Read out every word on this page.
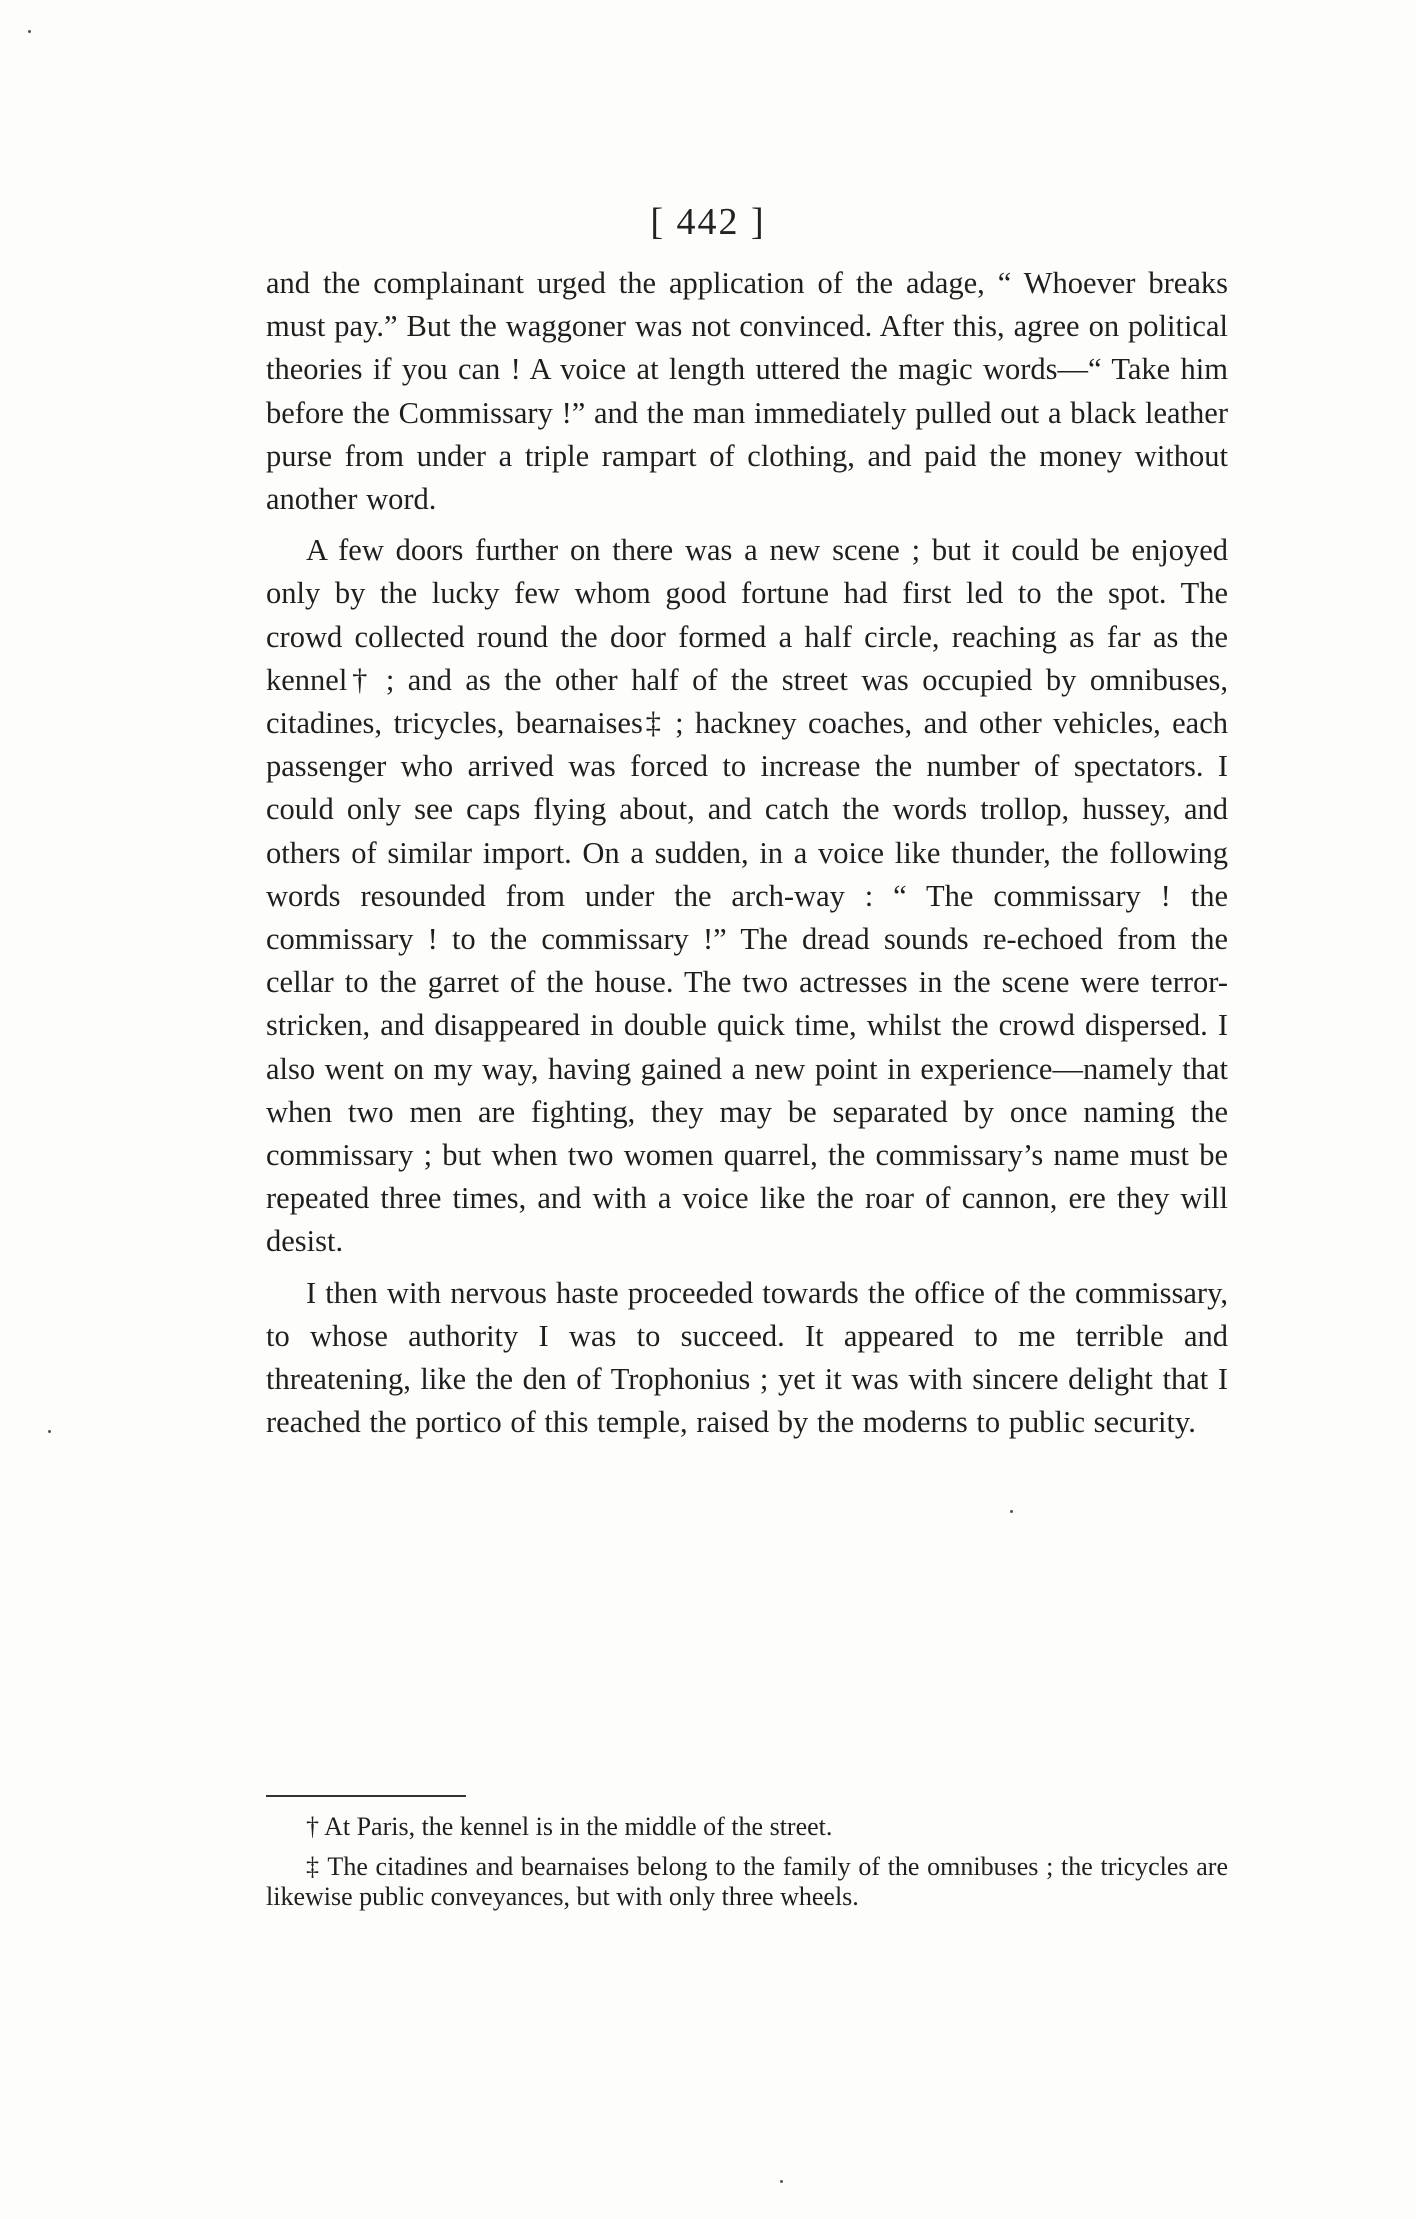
[ 442 ]

and the complainant urged the application of the adage, “ Whoever breaks must pay.” But the waggoner was not convinced. After this, agree on political theories if you can ! A voice at length uttered the magic words—“ Take him before the Commissary !” and the man immediately pulled out a black leather purse from under a triple rampart of clothing, and paid the money without another word.

A few doors further on there was a new scene ; but it could be enjoyed only by the lucky few whom good fortune had first led to the spot. The crowd collected round the door formed a half circle, reaching as far as the kennel† ; and as the other half of the street was occupied by omnibuses, citadines, tricycles, bearnaises‡ ; hackney coaches, and other vehicles, each passenger who arrived was forced to increase the number of spectators. I could only see caps flying about, and catch the words trollop, hussey, and others of similar import. On a sudden, in a voice like thunder, the following words resounded from under the arch-way : “ The commissary ! the commissary ! to the commissary !” The dread sounds re-echoed from the cellar to the garret of the house. The two actresses in the scene were terror-stricken, and disappeared in double quick time, whilst the crowd dispersed. I also went on my way, having gained a new point in experience—namely that when two men are fighting, they may be separated by once naming the commissary ; but when two women quarrel, the commissary’s name must be repeated three times, and with a voice like the roar of cannon, ere they will desist.

I then with nervous haste proceeded towards the office of the commissary, to whose authority I was to succeed. It appeared to me terrible and threatening, like the den of Trophonius ; yet it was with sincere delight that I reached the portico of this temple, raised by the moderns to public security.

† At Paris, the kennel is in the middle of the street.

‡ The citadines and bearnaises belong to the family of the omnibuses ; the tricycles are likewise public conveyances, but with only three wheels.
